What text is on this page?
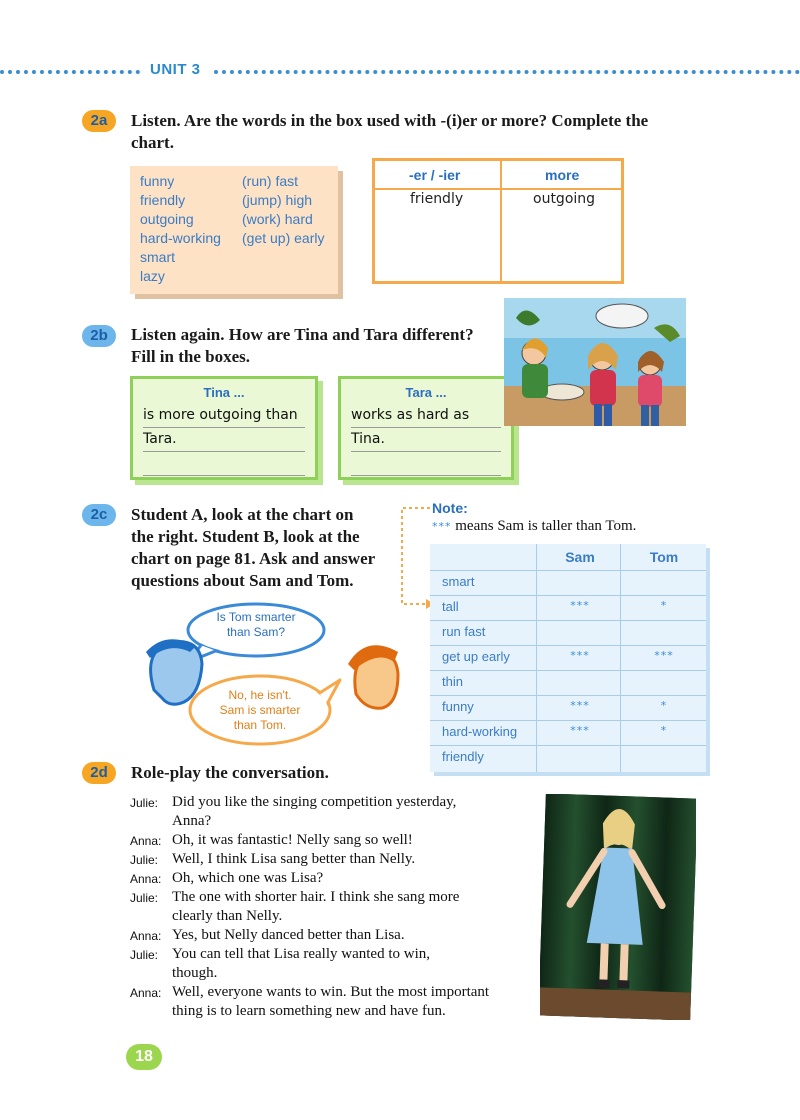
UNIT 3
2a	Listen. Are the words in the box used with -(i)er or more? Complete the
chart.
funny
friendly
outgoing
hard-working
smart
lazy
(run) fast
(jump) high
(work) hard
(get up) early
-er / -ier	more
friendly	outgoing
2b	Listen again. How are Tina and Tara different?
Fill in the boxes.
Tina ...
is more outgoing than
Tara.
Tara ...
works as hard as
Tina.
2c	Student A, look at the chart on
the right. Student B, look at the
chart on page 81. Ask and answer
questions about Sam and Tom.
Is Tom smarter
than Sam?
No, he isn't.
Sam is smarter
than Tom.
Note:
*** means Sam is taller than Tom.
Sam	Tom
smart
tall	***	*
run fast
get up early	***	***
thin
funny	***	*
hard-working	***	*
friendly
2d	Role-play the conversation.
Julie: Did you like the singing competition yesterday,
Anna?
Anna: Oh, it was fantastic! Nelly sang so well!
Julie: Well, I think Lisa sang better than Nelly.
Anna: Oh, which one was Lisa?
Julie: The one with shorter hair. I think she sang more
clearly than Nelly.
Anna: Yes, but Nelly danced better than Lisa.
Julie: You can tell that Lisa really wanted to win,
though.
Anna: Well, everyone wants to win. But the most important
thing is to learn something new and have fun.
18
